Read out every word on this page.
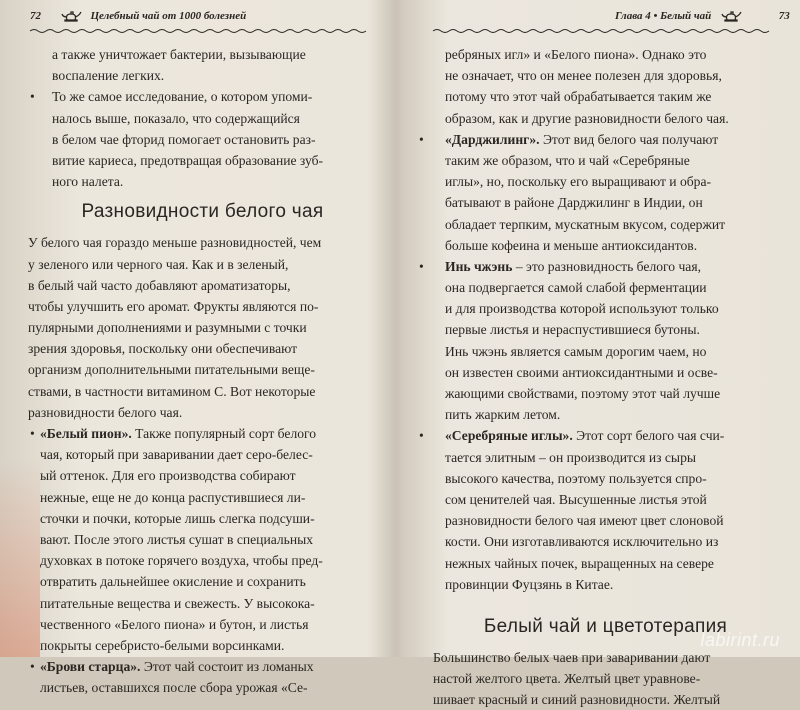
72	Целебный чай от 1000 болезней
а также уничтожает бактерии, вызывающие
воспаление легких.
• То же самое исследование, о котором упоми-
налось выше, показало, что содержащийся
в белом чае фторид помогает остановить раз-
витие кариеса, предотвращая образование зуб-
ного налета.
Разновидности белого чая
У белого чая гораздо меньше разновидностей, чем
у зеленого или черного чая. Как и в зеленый,
в белый чай часто добавляют ароматизаторы,
чтобы улучшить его аромат. Фрукты являются по-
пулярными дополнениями и разумными с точки
зрения здоровья, поскольку они обеспечивают
организм дополнительными питательными веще-
ствами, в частности витамином С. Вот некоторые
разновидности белого чая.
• «Белый пион». Также популярный сорт белого
чая, который при заваривании дает серо-белес-
ый оттенок. Для его производства собирают
нежные, еще не до конца распустившиеся ли-
сточки и почки, которые лишь слегка подсуши-
вают. После этого листья сушат в специальных
духовках в потоке горячего воздуха, чтобы пред-
отвратить дальнейшее окисление и сохранить
питательные вещества и свежесть. У высокока-
чественного «Белого пиона» и бутон, и листья
покрыты серебристо-белыми ворсинками.
• «Брови старца». Этот чай состоит из ломаных
листьев, оставшихся после сбора урожая «Се-
Глава 4 • Белый чай	73
ребряных игл» и «Белого пиона». Однако это
не означает, что он менее полезен для здоровья,
потому что этот чай обрабатывается таким же
образом, как и другие разновидности белого чая.
• «Дарджилинг». Этот вид белого чая получают
таким же образом, что и чай «Серебряные
иглы», но, поскольку его выращивают и обра-
батывают в районе Дарджилинг в Индии, он
обладает терпким, мускатным вкусом, содержит
больше кофеина и меньше антиоксидантов.
• Инь чжэнь – это разновидность белого чая,
она подвергается самой слабой ферментации
и для производства которой используют только
первые листья и нераспустившиеся бутоны.
Инь чжэнь является самым дорогим чаем, но
он известен своими антиоксидантными и осве-
жающими свойствами, поэтому этот чай лучше
пить жарким летом.
• «Серебряные иглы». Этот сорт белого чая счи-
тается элитным – он производится из сыры
высокого качества, поэтому пользуется спро-
сом ценителей чая. Высушенные листья этой
разновидности белого чая имеют цвет слоновой
кости. Они изготавливаются исключительно из
нежных чайных почек, выращенных на севере
провинции Фуцзянь в Китае.
Белый чай и цветотерапия
Большинство белых чаев при заваривании дают
настой желтого цвета. Желтый цвет уравнове-
шивает красный и синий разновидности. Желтый
labirint.ru
